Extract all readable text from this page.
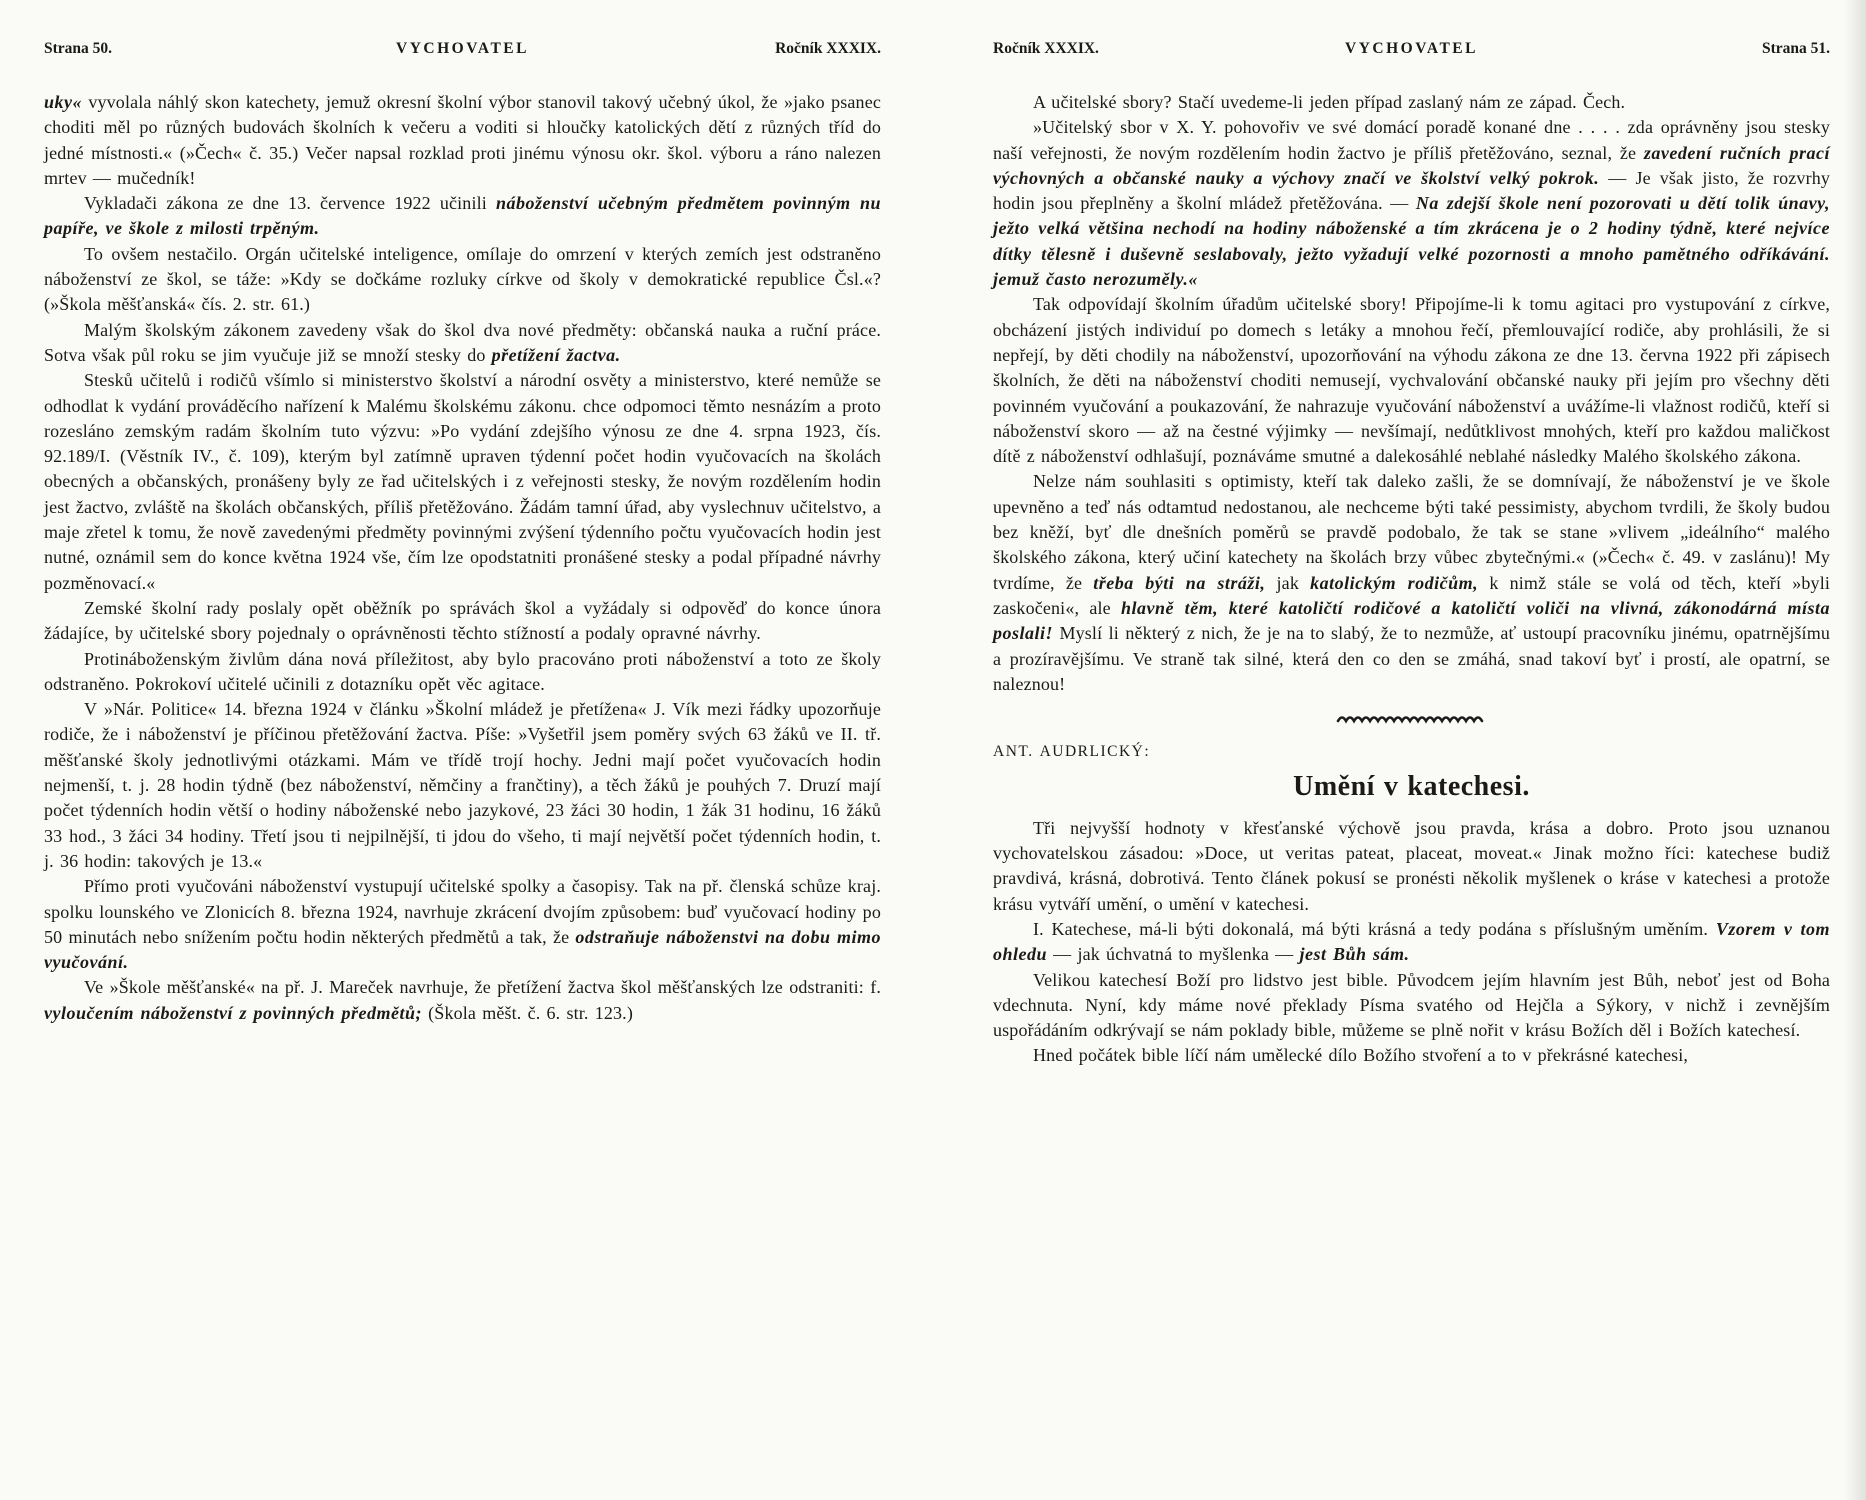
Strana 50.	VYCHOVATEL	Ročník XXXIX.

uky« vyvolala náhlý skon katechety, jemuž okresní školní výbor stanovil takový učebný úkol, že »jako psanec choditi měl po různých budovách školních k večeru a voditi si hloučky katolických dětí z různých tříd do jedné místnosti.« (»Čech« č. 35.) Večer napsal rozklad proti jinému výnosu okr. škol. výboru a ráno nalezen mrtev — mučedník!

Vykladači zákona ze dne 13. července 1922 učinili náboženství učebným předmětem povinným nu papíře, ve škole z milosti trpěným.

To ovšem nestačilo. Orgán učitelské inteligence, omílaje do omrzení v kterých zemích jest odstraněno náboženství ze škol, se táže: »Kdy se dočkáme rozluky církve od školy v demokratické republice Čsl.«? (»Škola měšťanská« čís. 2. str. 61.)

Malým školským zákonem zavedeny však do škol dva nové předměty: občanská nauka a ruční práce. Sotva však půl roku se jim vyučuje již se množí stesky do přetížení žactva.

Stesků učitelů i rodičů všímlo si ministerstvo školství a národní osvěty a ministerstvo, které nemůže se odhodlat k vydání prováděcího nařízení k Malému školskému zákonu. chce odpomoci těmto nesnázím a proto rozesláno zemským radám školním tuto výzvu: »Po vydání zdejšího výnosu ze dne 4. srpna 1923, čís. 92.189/I. (Věstník IV., č. 109), kterým byl zatímně upraven týdenní počet hodin vyučovacích na školách obecných a občanských, pronášeny byly ze řad učitelských i z veřejnosti stesky, že novým rozdělením hodin jest žactvo, zvláště na školách občanských, příliš přetěžováno. Žádám tamní úřad, aby vyslechnuv učitelstvo, a maje zřetel k tomu, že nově zavedenými předměty povinnými zvýšení týdenního počtu vyučovacích hodin jest nutné, oznámil sem do konce května 1924 vše, čím lze opodstatniti pronášené stesky a podal případné návrhy pozměnovací.«

Zemské školní rady poslaly opět oběžník po správách škol a vyžádaly si odpověď do konce února žádajíce, by učitelské sbory pojednaly o oprávněnosti těchto stížností a podaly opravné návrhy.

Protináboženským živlům dána nová příležitost, aby bylo pracováno proti náboženství a toto ze školy odstraněno. Pokrokoví učitelé učinili z dotazníku opět věc agitace.

V »Nár. Politice« 14. března 1924 v článku »Školní mládež je přetížena« J. Vík mezi řádky upozorňuje rodiče, že i náboženství je příčinou přetěžování žactva. Píše: »Vyšetřil jsem poměry svých 63 žáků ve II. tř. měšťanské školy jednotlivými otázkami. Mám ve třídě trojí hochy. Jedni mají počet vyučovacích hodin nejmenší, t. j. 28 hodin týdně (bez náboženství, němčiny a frančtiny), a těch žáků je pouhých 7. Druzí mají počet týdenních hodin větší o hodiny náboženské nebo jazykové, 23 žáci 30 hodin, 1 žák 31 hodinu, 16 žáků 33 hod., 3 žáci 34 hodiny. Třetí jsou ti nejpilnější, ti jdou do všeho, ti mají největší počet týdenních hodin, t. j. 36 hodin: takových je 13.«

Přímo proti vyučováni náboženství vystupují učitelské spolky a časopisy. Tak na př. členská schůze kraj. spolku lounského ve Zlonicích 8. března 1924, navrhuje zkrácení dvojím způsobem: buď vyučovací hodiny po 50 minutách nebo snížením počtu hodin některých předmětů a tak, že odstraňuje náboženstvi na dobu mimo vyučování.

Ve »Škole měšťanské« na př. J. Mareček navrhuje, že přetížení žactva škol měšťanských lze odstraniti: f. vyloučením náboženství z povinných předmětů; (Škola měšt. č. 6. str. 123.)

Ročník XXXIX.	VYCHOVATEL	Strana 51.

A učitelské sbory? Stačí uvedeme-li jeden případ zaslaný nám ze západ. Čech.

»Učitelský sbor v X. Y. pohovořiv ve své domácí poradě konané dne . . . . zda oprávněny jsou stesky naší veřejnosti, že novým rozdělením hodin žactvo je příliš přetěžováno, seznal, že zavedení ručních prací výchovných a občanské nauky a výchovy značí ve školství velký pokrok. — Je však jisto, že rozvrhy hodin jsou přeplněny a školní mládež přetěžována. — Na zdejší škole není pozorovati u dětí tolik únavy, ježto velká většina nechodí na hodiny náboženské a tím zkrácena je o 2 hodiny týdně, které nejvíce dítky tělesně i duševně seslabovaly, ježto vyžadují velké pozornosti a mnoho pamětného odříkávání. jemuž často nerozuměly.«

Tak odpovídají školním úřadům učitelské sbory! Připojíme-li k tomu agitaci pro vystupování z církve, obcházení jistých individuí po domech s letáky a mnohou řečí, přemlouvající rodiče, aby prohlásili, že si nepřejí, by děti chodily na náboženství, upozorňování na výhodu zákona ze dne 13. června 1922 při zápisech školních, že děti na náboženství choditi nemusejí, vychvalování občanské nauky při jejím pro všechny děti povinném vyučování a poukazování, že nahrazuje vyučování náboženství a uvážíme-li vlažnost rodičů, kteří si náboženství skoro — až na čestné výjimky — nevšímají, nedůtklivost mnohých, kteří pro každou maličkost dítě z náboženství odhlašují, poznáváme smutné a dalekosáhlé neblahé následky Malého školského zákona.

Nelze nám souhlasiti s optimisty, kteří tak daleko zašli, že se domnívají, že náboženství je ve škole upevněno a teď nás odtamtud nedostanou, ale nechceme býti také pessimisty, abychom tvrdili, že školy budou bez kněží, byť dle dnešních poměrů se pravdě podobalo, že tak se stane »vlivem „ideálního“ malého školského zákona, který učiní katechety na školách brzy vůbec zbytečnými.« (»Čech« č. 49. v zaslánu)! My tvrdíme, že třeba býti na stráži, jak katolickým rodičům, k nimž stále se volá od těch, kteří »byli zaskočeni«, ale hlavně těm, které katoličtí rodičové a katoličtí voliči na vlivná, zákonodárná místa poslali! Myslí li některý z nich, že je na to slabý, že to nezmůže, ať ustoupí pracovníku jinému, opatrnějšímu a prozíravějšímu. Ve straně tak silné, která den co den se zmáhá, snad takoví byť i prostí, ale opatrní, se naleznou!

ANT. AUDRLICKÝ:
Umění v katechesi.

Tři nejvyšší hodnoty v křesťanské výchově jsou pravda, krása a dobro. Proto jsou uznanou vychovatelskou zásadou: »Doce, ut veritas pateat, placeat, moveat.« Jinak možno říci: katechese budiž pravdivá, krásná, dobrotivá. Tento článek pokusí se pronésti několik myšlenek o kráse v katechesi a protože krásu vytváří umění, o umění v katechesi.

I. Katechese, má-li býti dokonalá, má býti krásná a tedy podána s příslušným uměním. Vzorem v tom ohledu — jak úchvatná to myšlenka — jest Bůh sám.

Velikou katechesí Boží pro lidstvo jest bible. Původcem jejím hlavním jest Bůh, neboť jest od Boha vdechnuta. Nyní, kdy máme nové překlady Písma svatého od Hejčla a Sýkory, v nichž i zevnějším uspořádáním odkrývají se nám poklady bible, můžeme se plně nořit v krásu Božích děl i Božích katechesí.

Hned počátek bible líčí nám umělecké dílo Božího stvoření a to v překrásné katechesi,
